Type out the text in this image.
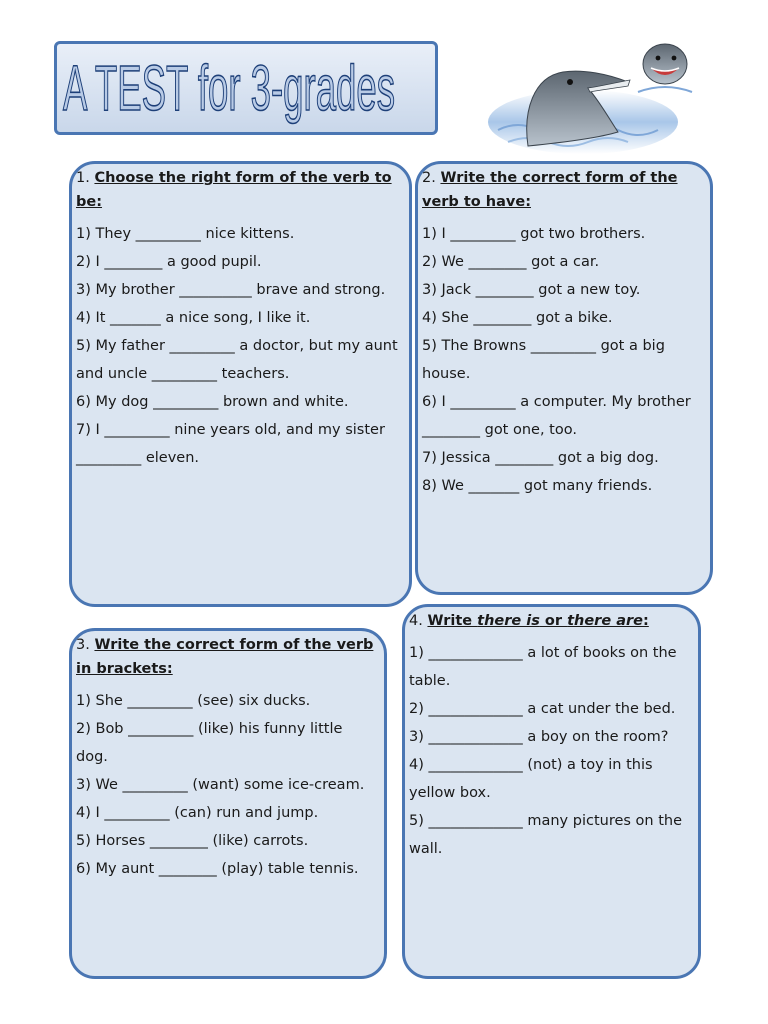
A TEST for 3-grades
1. Choose the right form of the verb to be:
1) They _________ nice kittens.
2) I ________ a good pupil.
3) My brother __________ brave and strong.
4) It _______ a nice song, I like it.
5) My father _________ a doctor, but my aunt and uncle _________ teachers.
6) My dog _________ brown and white.
7) I _________ nine years old, and my sister _________ eleven.
2. Write the correct form of the verb to have:
1) I _________ got two brothers.
2) We ________ got a car.
3) Jack ________ got a new toy.
4) She ________ got a bike.
5) The Browns _________ got a big house.
6) I _________ a computer. My brother ________ got one, too.
7) Jessica ________ got a big dog.
8) We _______ got many friends.
3. Write the correct form of the verb in brackets:
1) She _________ (see) six ducks.
2) Bob _________ (like) his funny little dog.
3) We _________ (want) some ice-cream.
4) I _________ (can) run and jump.
5) Horses ________ (like) carrots.
6) My aunt ________ (play) table tennis.
4. Write there is or there are:
1) _____________ a lot of books on the table.
2) _____________ a cat under the bed.
3) _____________ a boy on the room?
4) _____________ (not) a toy in this yellow box.
5) _____________ many pictures on the wall.
